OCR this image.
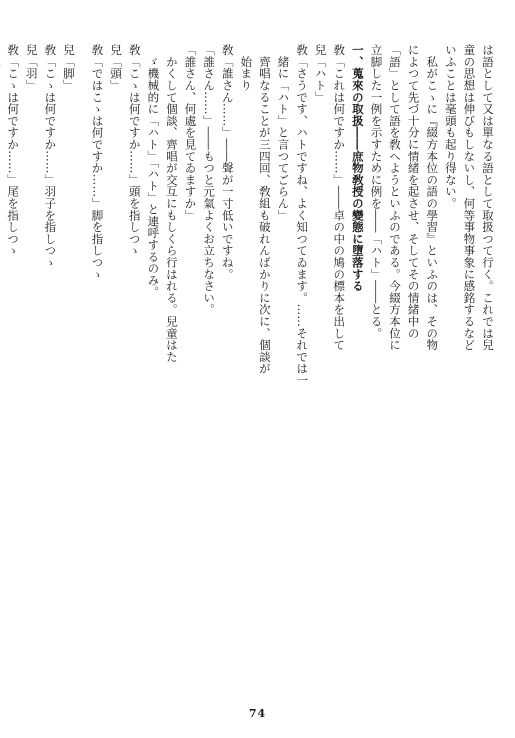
は語として又は單なる語として取扱つて行く。これでは兒
童の思想は伸びもしないし、何等事物事象に感銘するなど
いふことは毫頭も起り得ない。
　私がこゝに『綴方本位の語の學習』といふのは、その物
によつて先づ十分に情緒を起させ、そしてその情緒中の
「語」として語を敎へようといふのである。今綴方本位に
立脚した一例を示すために例を――「ハト」――とる。
一、蒐來の取扱――庶物敎授の變態に墮落する
敎「これは何ですか……」――卓の中の鳩の標本を出して
兒「ハト」
敎「さうです、ハトですね、よく知つてゐます。……それでは一
　緒に「ハト」と言つてごらん」
　齊唱なることが三四回、敎組も破れんばかりに次に、個談が
　始まり
敎「誰さん……」――聲が一寸低いですね。
「誰さん……」――もつと元氣よくお立ちなさい。
「誰さん、何處を見てゐますか」
　かくして個談、齊唱が交互にもしくら行はれる。兒童はた
　ゞ機械的に「ハト」「ハト」と連呼するのみ。
敎「こゝは何ですか……」頭を指しつゝ
兒「頭」
敎「ではこゝは何ですか……」脚を指しつゝ
兒「脚」
敎「こゝは何ですか……」羽子を指しつゝ
兒「羽」
敎「こゝは何ですか……」尾を指しつゝ
74
